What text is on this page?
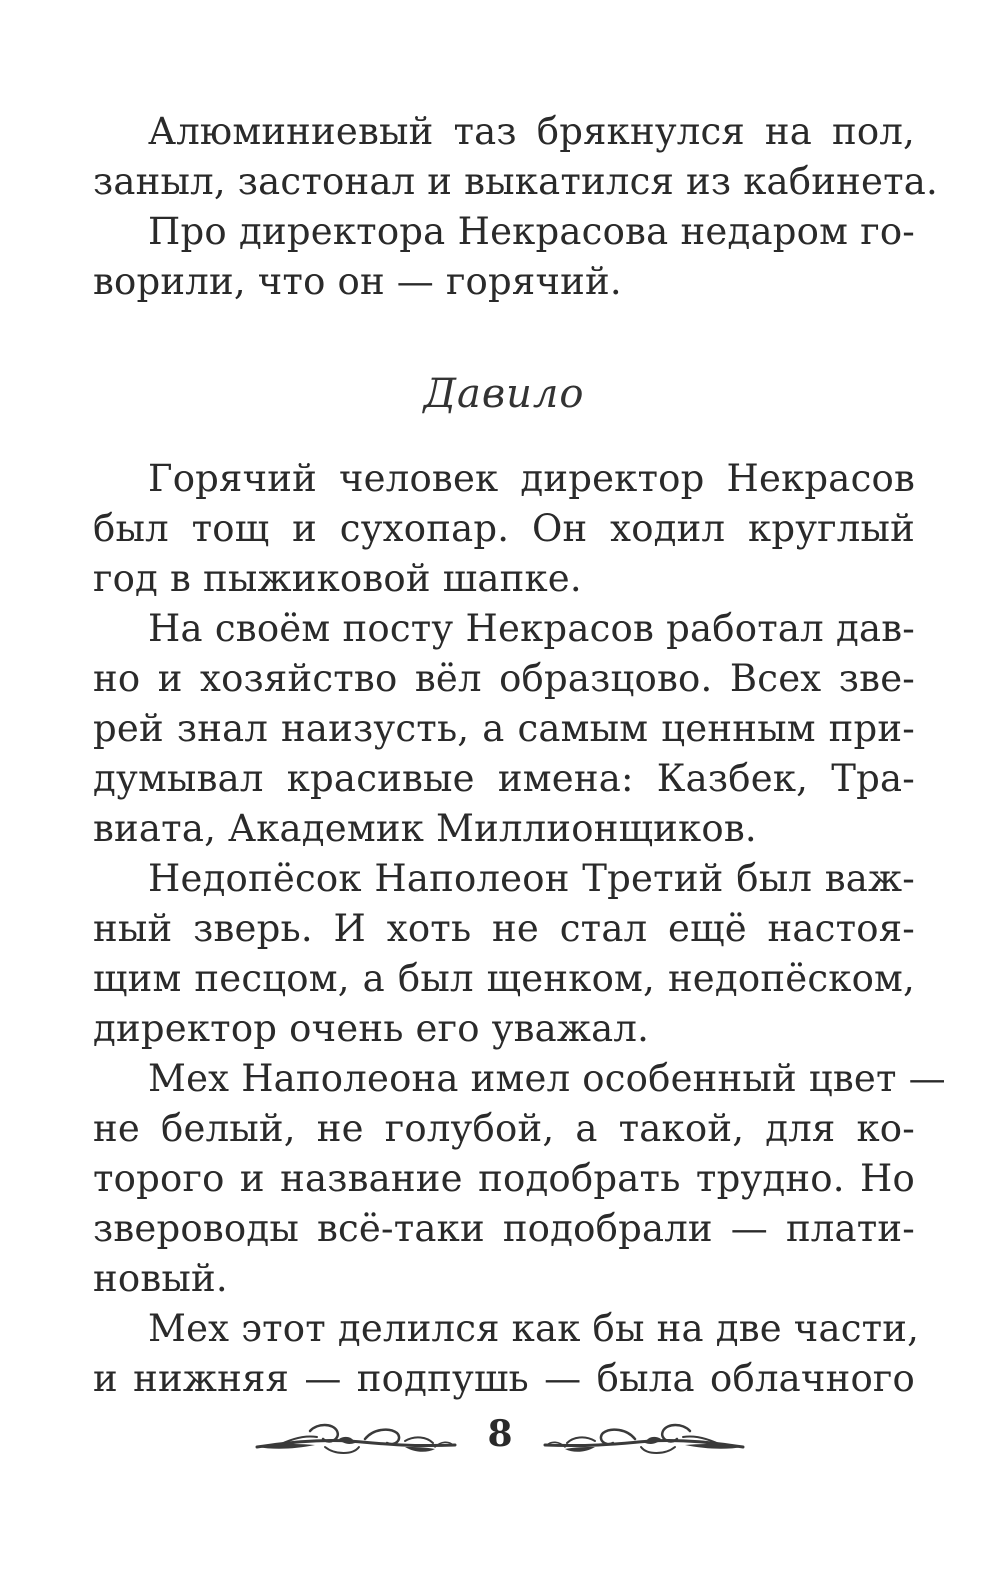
Алюминиевый таз брякнулся на пол,
заныл, застонал и выкатился из кабинета.
Про директора Некрасова недаром го-
ворили, что он — горячий.
Давило
Горячий человек директор Некрасов
был тощ и сухопар. Он ходил круглый
год в пыжиковой шапке.
На своём посту Некрасов работал дав-
но и хозяйство вёл образцово. Всех зве-
рей знал наизусть, а самым ценным при-
думывал красивые имена: Казбек, Тра-
виата, Академик Миллионщиков.
Недопёсок Наполеон Третий был важ-
ный зверь. И хоть не стал ещё настоя-
щим песцом, а был щенком, недопёском,
директор очень его уважал.
Мех Наполеона имел особенный цвет —
не белый, не голубой, а такой, для ко-
торого и название подобрать трудно. Но
звероводы всё-таки подобрали — плати-
новый.
Мех этот делился как бы на две части,
и нижняя — подпушь — была облачного
8
